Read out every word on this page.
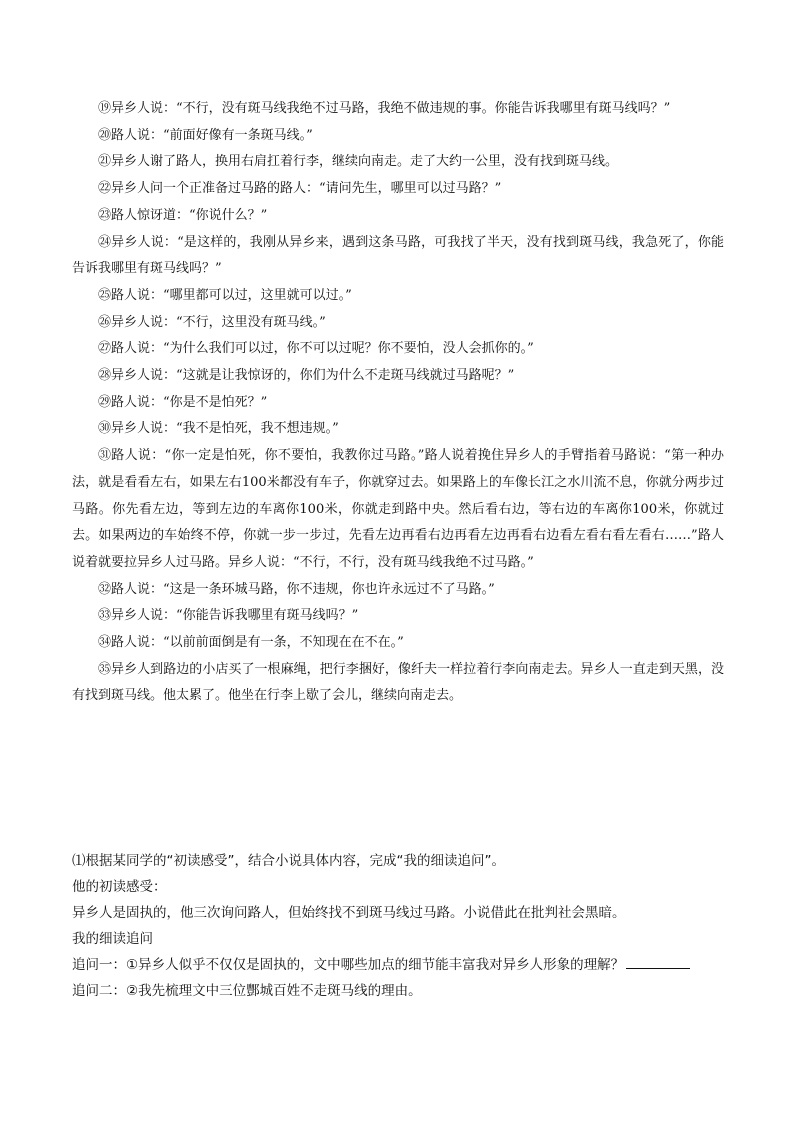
⑲异乡人说：“不行，没有斑马线我绝不过马路，我绝不做违规的事。你能告诉我哪里有斑马线吗？”

⑳路人说：“前面好像有一条斑马线。”

㉑异乡人谢了路人，换用右肩扛着行李，继续向南走。走了大约一公里，没有找到斑马线。

㉒异乡人问一个正准备过马路的路人：“请问先生，哪里可以过马路？”

㉓路人惊讶道：“你说什么？”

㉔异乡人说：“是这样的，我刚从异乡来，遇到这条马路，可我找了半天，没有找到斑马线，我急死了，你能告诉我哪里有斑马线吗？”

㉕路人说：“哪里都可以过，这里就可以过。”

㉖异乡人说：“不行，这里没有斑马线。”

㉗路人说：“为什么我们可以过，你不可以过呢？你不要怕，没人会抓你的。”

㉘异乡人说：“这就是让我惊讶的，你们为什么不走斑马线就过马路呢？”

㉙路人说：“你是不是怕死？”

㉚异乡人说：“我不是怕死，我不想违规。”

㉛路人说：“你一定是怕死，你不要怕，我教你过马路。”路人说着挽住异乡人的手臂指着马路说：“第一种办法，就是看看左右，如果左右100米都没有车子，你就穿过去。如果路上的车像长江之水川流不息，你就分两步过马路。你先看左边，等到左边的车离你100米，你就走到路中央。然后看右边，等右边的车离你100米，你就过去。如果两边的车始终不停，你就一步一步过，先看左边再看右边再看左边再看右边看左看右看左看右……”路人说着就要拉异乡人过马路。异乡人说：“不行，不行，没有斑马线我绝不过马路。”

㉜路人说：“这是一条环城马路，你不违规，你也许永远过不了马路。”

㉝异乡人说：“你能告诉我哪里有斑马线吗？”

㉞路人说：“以前前面倒是有一条，不知现在在不在。”

㉟异乡人到路边的小店买了一根麻绳，把行李捆好，像纤夫一样拉着行李向南走去。异乡人一直走到天黑，没有找到斑马线。他太累了。他坐在行李上歇了会儿，继续向南走去。

⑴根据某同学的“初读感受”，结合小说具体内容，完成“我的细读追问”。

他的初读感受：

异乡人是固执的，他三次询问路人，但始终找不到斑马线过马路。小说借此在批判社会黑暗。

我的细读追问

追问一：①异乡人似乎不仅仅是固执的，文中哪些加点的细节能丰富我对异乡人形象的理解？

追问二：②我先梳理文中三位酆城百姓不走斑马线的理由。
